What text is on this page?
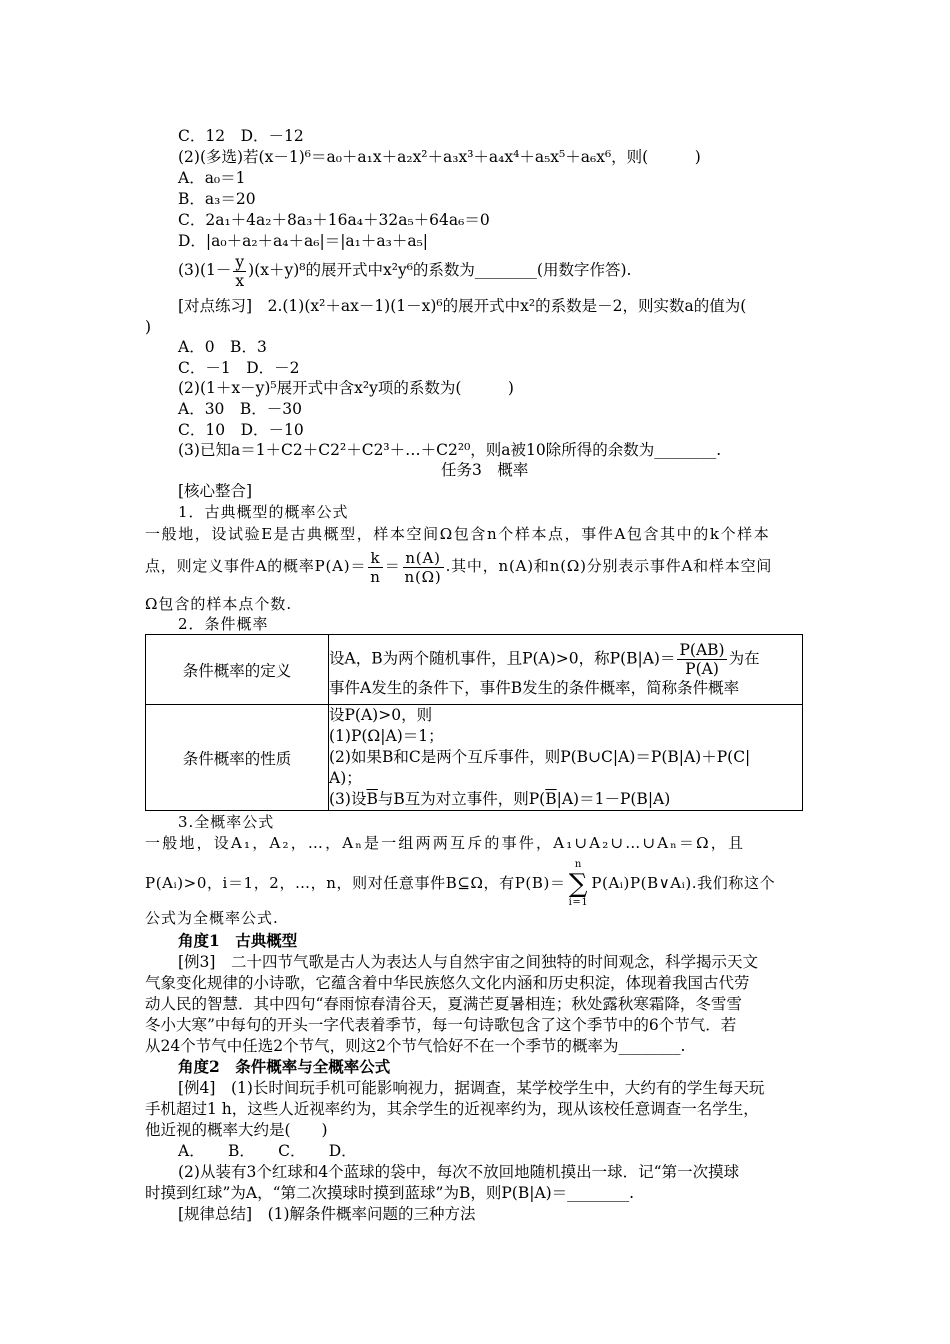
C．12　D．－12
(2)(多选)若(x－1)⁶＝a₀＋a₁x＋a₂x²＋a₃x³＋a₄x⁴＋a₅x⁵＋a₆x⁶，则(　　　)
A．a₀＝1
B．a₃＝20
C．2a₁＋4a₂＋8a₃＋16a₄＋32a₅＋64a₆＝0
D．|a₀＋a₂＋a₄＋a₆|＝|a₁＋a₃＋a₅|
$(3)(1- \frac{y}{x} )(x+y)^8$的展开式中x²y⁶的系数为________(用数字作答).
[对点练习]　2.(1)(x²＋ax－1)(1－x)⁶的展开式中x²的系数是－2，则实数a的值为(
)
A．0　B．3
C．－1　D．－2
(2)(1＋x－y)⁵展开式中含x²y项的系数为(　　　)
A．30　B．－30
C．10　D．－10
(3)已知a＝1＋C2＋C2²＋C2³＋…＋C2²⁰，则a被10除所得的余数为________.
任务3　概率
[核心整合]
1．古典概型的概率公式
一般地，设试验E是古典概型，样本空间Ω包含n个样本点，事件A包含其中的k个样本
点，则定义事件A的概率$P(A)= \frac{k}{n} = \frac{n(A)}{n(\Omega)}$ .其中，n(A)和n(Ω)分别表示事件A和样本空间
Ω包含的样本点个数.
2．条件概率
条件概率的定义	设A，B为两个随机事件，且P(A)>0，称$P(B|A)= \frac{P(AB)}{P(A)}$ 为在
事件A发生的条件下，事件B发生的条件概率，简称条件概率

条件概率的性质	设P(A)>0，则
(1)P(Ω|A)＝1；
(2)如果B和C是两个互斥事件，则P(B∪C|A)＝P(B|A)＋P(C|
A)；
(3)设$\overline{B}$与B互为对立事件，则$P(\overline{B}|A)=1-P(B|A)$
3.全概率公式
一般地，设A₁，A₂，…，Aₙ是一组两两互斥的事件，A₁∪A₂∪…∪Aₙ＝Ω，且
P(Aᵢ)>0，i＝1，2，…，n，则对任意事件B⊆Ω，有P(B)＝
n
∑
i=1
P(Aᵢ)P(B∨Aᵢ).我们称这个
公式为全概率公式.
角度1　古典概型
[例3]　二十四节气歌是古人为表达人与自然宇宙之间独特的时间观念，科学揭示天文
气象变化规律的小诗歌，它蕴含着中华民族悠久文化内涵和历史积淀，体现着我国古代劳
动人民的智慧．其中四句“春雨惊春清谷天，夏满芒夏暑相连；秋处露秋寒霜降，冬雪雪
冬小大寒”中每句的开头一字代表着季节，每一句诗歌包含了这个季节中的6个节气．若
从24个节气中任选2个节气，则这2个节气恰好不在一个季节的概率为________.
角度2　条件概率与全概率公式
[例4]　(1)长时间玩手机可能影响视力，据调查，某学校学生中，大约有的学生每天玩
手机超过1 h，这些人近视率约为，其余学生的近视率约为，现从该校任意调查一名学生，
他近视的概率大约是(　　)
A．　　B．　　C．　　D．
(2)从装有3个红球和4个蓝球的袋中，每次不放回地随机摸出一球．记“第一次摸球
时摸到红球”为A，“第二次摸球时摸到蓝球”为B，则P(B|A)＝________.
[规律总结]　(1)解条件概率问题的三种方法
